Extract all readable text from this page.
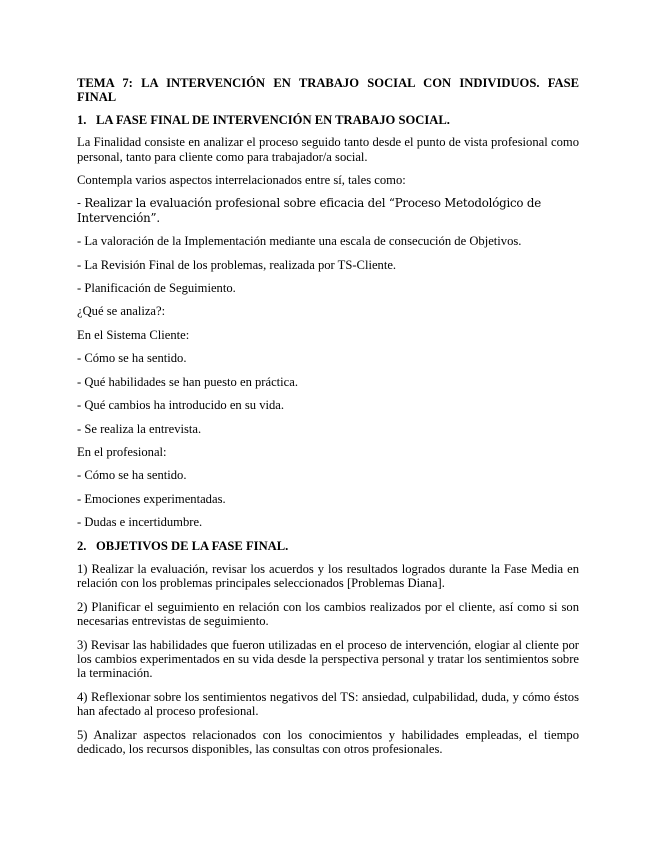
TEMA 7: LA INTERVENCIÓN EN TRABAJO SOCIAL CON INDIVIDUOS. FASE
FINAL
1. LA FASE FINAL DE INTERVENCIÓN EN TRABAJO SOCIAL.

La Finalidad consiste en analizar el proceso seguido tanto desde el punto de vista profesional como personal, tanto para cliente como para trabajador/a social.

Contempla varios aspectos interrelacionados entre sí, tales como:

- Realizar la evaluación profesional sobre eficacia del “Proceso Metodológico de Intervención”.

- La valoración de la Implementación mediante una escala de consecución de Objetivos.

- La Revisión Final de los problemas, realizada por TS-Cliente.

- Planificación de Seguimiento.

¿Qué se analiza?:

En el Sistema Cliente:

- Cómo se ha sentido.

- Qué habilidades se han puesto en práctica.

- Qué cambios ha introducido en su vida.

- Se realiza la entrevista.

En el profesional:

- Cómo se ha sentido.

- Emociones experimentadas.

- Dudas e incertidumbre.

2. OBJETIVOS DE LA FASE FINAL.

1) Realizar la evaluación, revisar los acuerdos y los resultados logrados durante la Fase Media en relación con los problemas principales seleccionados [Problemas Diana].

2) Planificar el seguimiento en relación con los cambios realizados por el cliente, así como si son necesarias entrevistas de seguimiento.

3) Revisar las habilidades que fueron utilizadas en el proceso de intervención, elogiar al cliente por los cambios experimentados en su vida desde la perspectiva personal y tratar los sentimientos sobre la terminación.

4) Reflexionar sobre los sentimientos negativos del TS: ansiedad, culpabilidad, duda, y cómo éstos han afectado al proceso profesional.

5) Analizar aspectos relacionados con los conocimientos y habilidades empleadas, el tiempo dedicado, los recursos disponibles, las consultas con otros profesionales.
